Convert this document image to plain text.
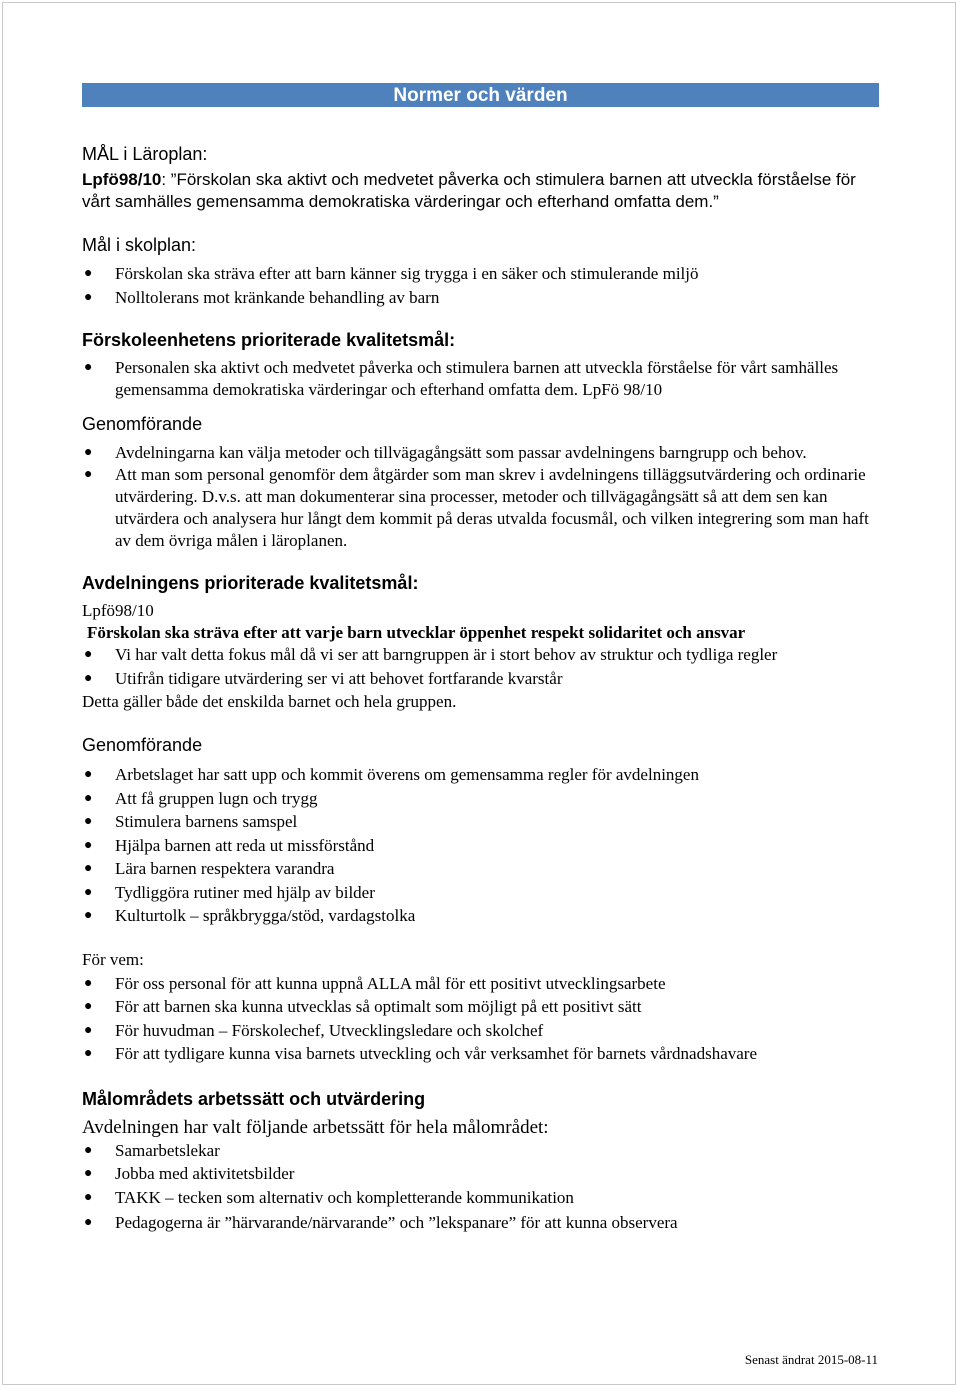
Normer och värden

MÅL i Läroplan:

Lpfö98/10: ”Förskolan ska aktivt och medvetet påverka och stimulera barnen att utveckla förståelse för vårt samhälles gemensamma demokratiska värderingar och efterhand omfatta dem.”

Mål i skolplan:

● Förskolan ska sträva efter att barn känner sig trygga i en säker och stimulerande miljö
● Nolltolerans mot kränkande behandling av barn

Förskoleenhetens prioriterade kvalitetsmål:

● Personalen ska aktivt och medvetet påverka och stimulera barnen att utveckla förståelse för vårt samhälles gemensamma demokratiska värderingar och efterhand omfatta dem. LpFö 98/10

Genomförande

● Avdelningarna kan välja metoder och tillvägagångsätt som passar avdelningens barngrupp och behov.
● Att man som personal genomför dem åtgärder som man skrev i avdelningens tilläggsutvärdering och ordinarie utvärdering. D.v.s. att man dokumenterar sina processer, metoder och tillvägagångsätt så att dem sen kan utvärdera och analysera hur långt dem kommit på deras utvalda focusmål, och vilken integrering som man haft av dem övriga målen i läroplanen.

Avdelningens prioriterade kvalitetsmål:

Lpfö98/10

Förskolan ska sträva efter att varje barn utvecklar öppenhet respekt solidaritet och ansvar

● Vi har valt detta fokus mål då vi ser att barngruppen är i stort behov av struktur och tydliga regler
● Utifrån tidigare utvärdering ser vi att behovet fortfarande kvarstår

Detta gäller både det enskilda barnet och hela gruppen.

Genomförande

● Arbetslaget har satt upp och kommit överens om gemensamma regler för avdelningen
● Att få gruppen lugn och trygg
● Stimulera barnens samspel
● Hjälpa barnen att reda ut missförstånd
● Lära barnen respektera varandra
● Tydliggöra rutiner med hjälp av bilder
● Kulturtolk – språkbrygga/stöd, vardagstolka

För vem:

● För oss personal för att kunna uppnå ALLA mål för ett positivt utvecklingsarbete
● För att barnen ska kunna utvecklas så optimalt som möjligt på ett positivt sätt
● För huvudman – Förskolechef, Utvecklingsledare och skolchef
● För att tydligare kunna visa barnets utveckling och vår verksamhet för barnets vårdnadshavare

Målområdets arbetssätt och utvärdering

Avdelningen har valt följande arbetssätt för hela målområdet:

● Samarbetslekar
● Jobba med aktivitetsbilder
● TAKK – tecken som alternativ och kompletterande kommunikation
● Pedagogerna är ”härvarande/närvarande” och ”lekspanare” för att kunna observera
Senast ändrat 2015-08-11
